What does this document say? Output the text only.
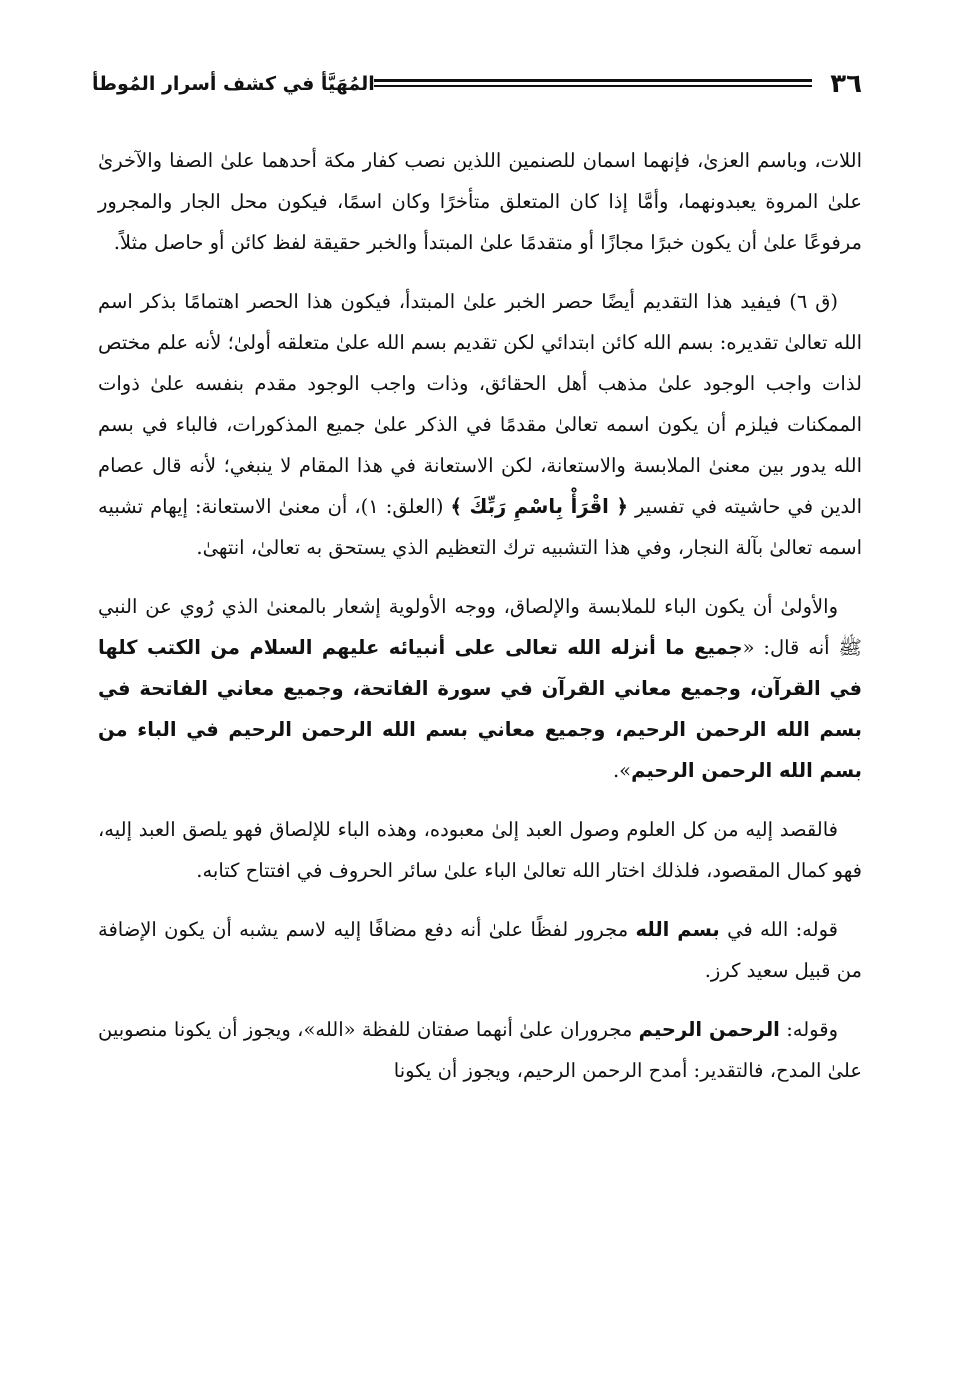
٣٦
المُهَيَّأ في كشف أسرار المُوطأ

اللات، وباسم العزىٰ، فإنهما اسمان للصنمين اللذين نصب كفار مكة أحدهما علىٰ الصفا والآخرىٰ علىٰ المروة يعبدونهما، وأمَّا إذا كان المتعلق متأخرًا وكان اسمًا، فيكون محل الجار والمجرور مرفوعًا علىٰ أن يكون خبرًا مجازًا أو متقدمًا علىٰ المبتدأ والخبر حقيقة لفظ كائن أو حاصل مثلاً.

(ق ٦) فيفيد هذا التقديم أيضًا حصر الخبر علىٰ المبتدأ، فيكون هذا الحصر اهتمامًا بذكر اسم الله تعالىٰ تقديره: بسم الله كائن ابتدائي لكن تقديم بسم الله علىٰ متعلقه أولىٰ؛ لأنه علم مختص لذات واجب الوجود علىٰ مذهب أهل الحقائق، وذات واجب الوجود مقدم بنفسه علىٰ ذوات الممكنات فيلزم أن يكون اسمه تعالىٰ مقدمًا في الذكر علىٰ جميع المذكورات، فالباء في بسم الله يدور بين معنىٰ الملابسة والاستعانة، لكن الاستعانة في هذا المقام لا ينبغي؛ لأنه قال عصام الدين في حاشيته في تفسير ﴿ اقْرَأْ بِاسْمِ رَبِّكَ ﴾ (العلق: ١)، أن معنىٰ الاستعانة: إيهام تشبيه اسمه تعالىٰ بآلة النجار، وفي هذا التشبيه ترك التعظيم الذي يستحق به تعالىٰ، انتهىٰ.

والأولىٰ أن يكون الباء للملابسة والإلصاق، ووجه الأولوية إشعار بالمعنىٰ الذي رُوي عن النبي ﷺ أنه قال: «جميع ما أنزله الله تعالى على أنبيائه عليهم السلام من الكتب كلها في القرآن، وجميع معاني القرآن في سورة الفاتحة، وجميع معاني الفاتحة في بسم الله الرحمن الرحيم، وجميع معاني بسم الله الرحمن الرحيم في الباء من بسم الله الرحمن الرحيم».

فالقصد إليه من كل العلوم وصول العبد إلىٰ معبوده، وهذه الباء للإلصاق فهو يلصق العبد إليه، فهو كمال المقصود، فلذلك اختار الله تعالىٰ الباء علىٰ سائر الحروف في افتتاح كتابه.

قوله: الله في بسم الله مجرور لفظًا علىٰ أنه دفع مضافًا إليه لاسم يشبه أن يكون الإضافة من قبيل سعيد كرز.

وقوله: الرحمن الرحيم مجروران علىٰ أنهما صفتان للفظة «الله»، ويجوز أن يكونا منصوبين علىٰ المدح، فالتقدير: أمدح الرحمن الرحيم، ويجوز أن يكونا
